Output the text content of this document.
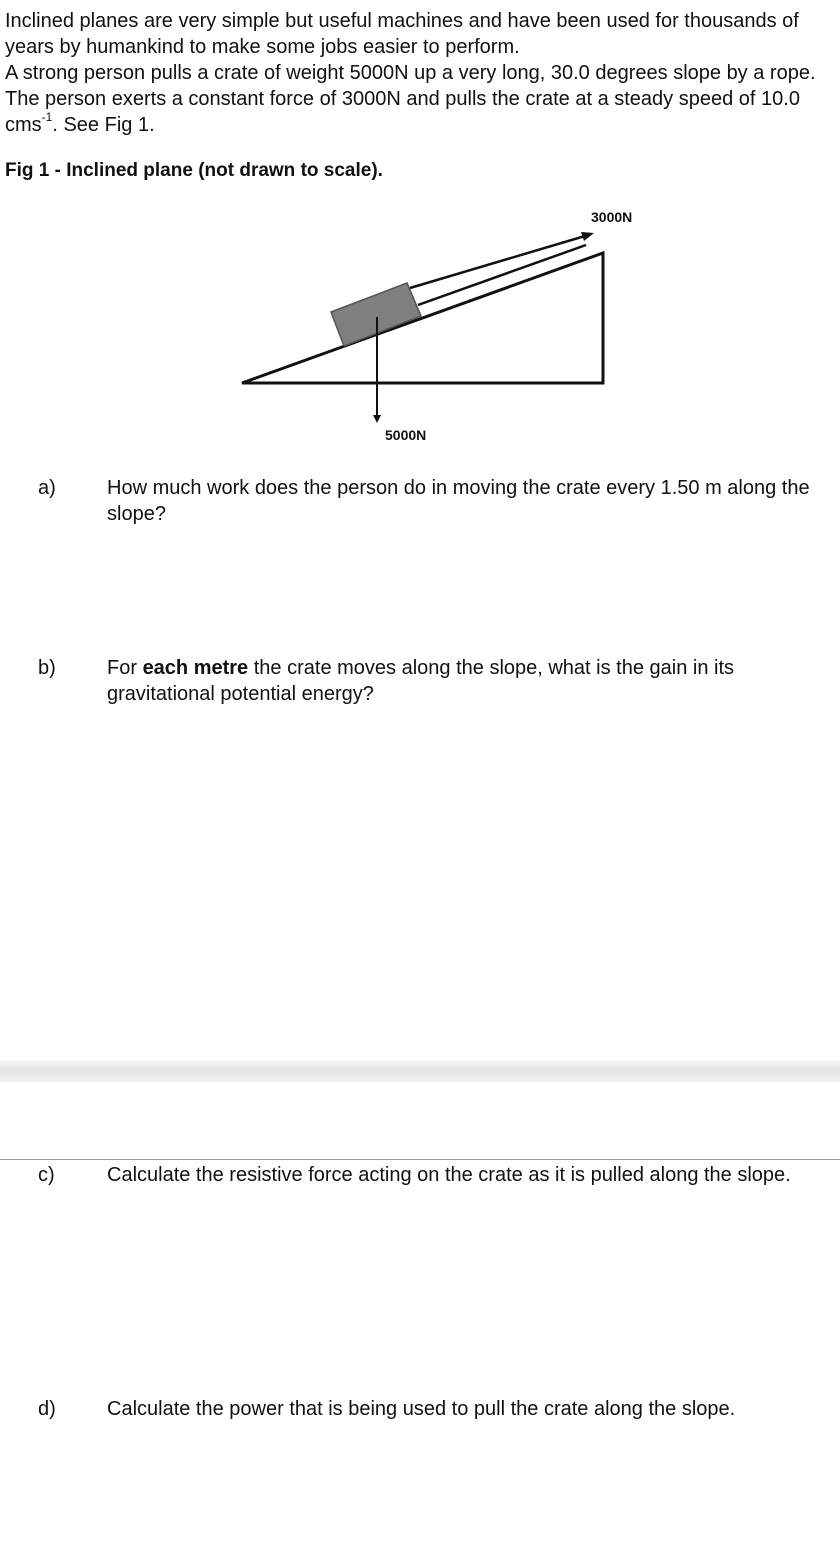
Inclined planes are very simple but useful machines and have been used for thousands of years by humankind to make some jobs easier to perform.

A strong person pulls a crate of weight 5000N up a very long, 30.0 degrees slope by a rope. The person exerts a constant force of 3000N and pulls the crate at a steady speed of 10.0 cms$^{-1}$. See Fig 1.

Fig 1 - Inclined plane (not drawn to scale).
3000N
5000N
a)	How much work does the person do in moving the crate every 1.50 m along the slope?
b)	For each metre the crate moves along the slope, what is the gain in its gravitational potential energy?
c)	Calculate the resistive force acting on the crate as it is pulled along the slope.
d)	Calculate the power that is being used to pull the crate along the slope.
